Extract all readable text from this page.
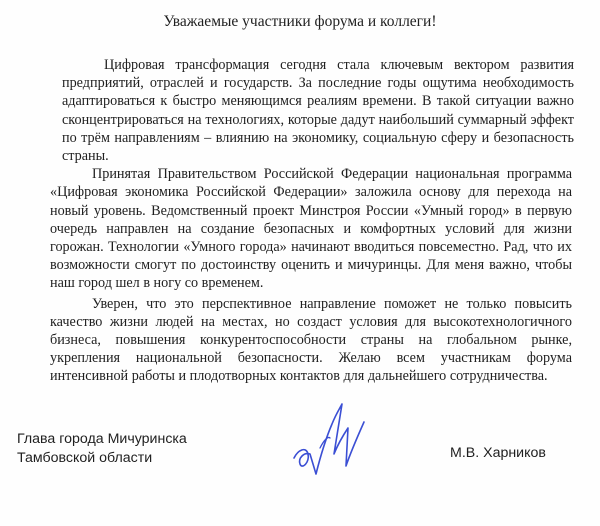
Уважаемые участники форума и коллеги!

Цифровая трансформация сегодня стала ключевым вектором развития предприятий, отраслей и государств. За последние годы ощутима необходимость адаптироваться к быстро меняющимся реалиям времени. В такой ситуации важно сконцентрироваться на технологиях, которые дадут наибольший суммарный эффект по трём направлениям – влиянию на экономику, социальную сферу и безопасность страны.

Принятая Правительством Российской Федерации национальная программа «Цифровая экономика Российской Федерации» заложила основу для перехода на новый уровень. Ведомственный проект Минстроя России «Умный город» в первую очередь направлен на создание безопасных и комфортных условий для жизни горожан. Технологии «Умного города» начинают вводиться повсеместно. Рад, что их возможности смогут по достоинству оценить и мичуринцы. Для меня важно, чтобы наш город шел в ногу со временем.

Уверен, что это перспективное направление поможет не только повысить качество жизни людей на местах, но создаст условия для высокотехнологичного бизнеса, повышения конкурентоспособности страны на глобальном рынке, укрепления национальной безопасности. Желаю всем участникам форума интенсивной работы и плодотворных контактов для дальнейшего сотрудничества.

Глава города Мичуринска
Тамбовской области	М.В. Харников
